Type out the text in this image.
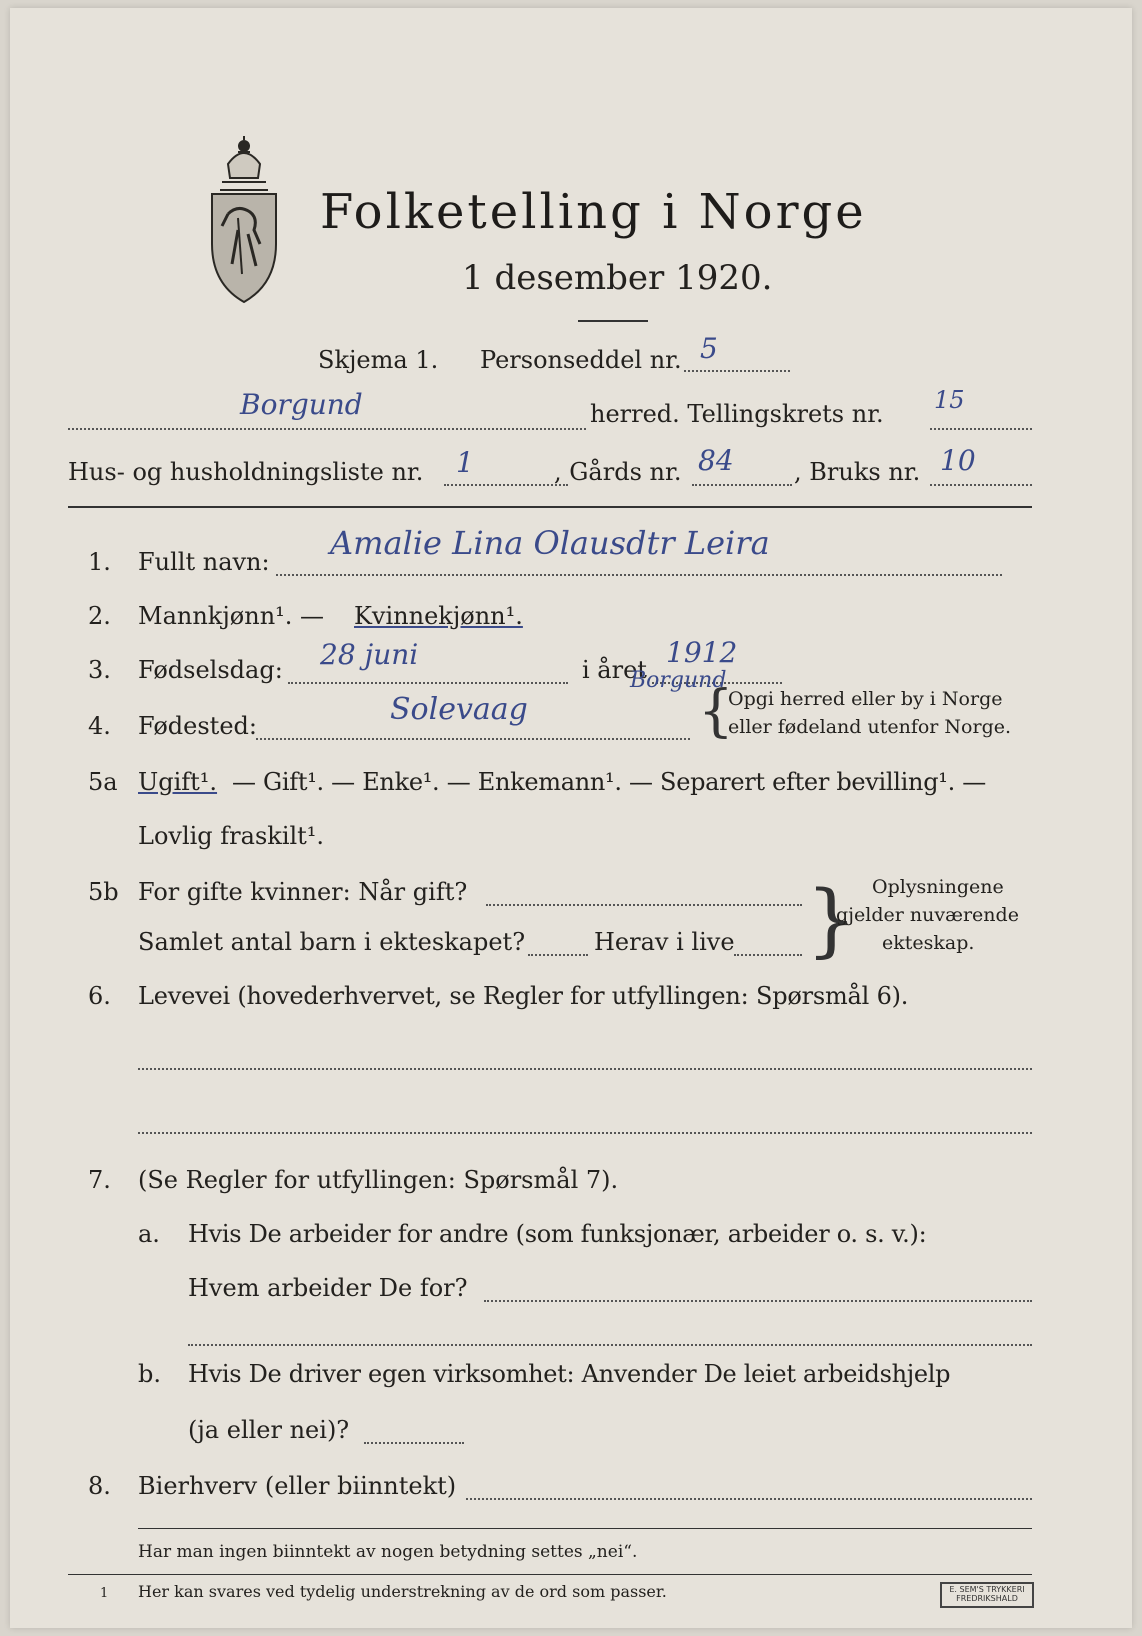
Folketelling i Norge
1 desember 1920.
Skjema 1. Personseddel nr. 5
Borgund	herred. Tellingskrets nr. 15
Hus- og husholdningsliste nr. 1	, Gårds nr. 84	, Bruks nr. 10
1. Fullt navn: Amalie Lina Olausdtr Leira
2. Mannkjønn¹. — Kvinnekjønn¹.
3. Fødselsdag: 28 juni	i året
1912
4. Fødested:	Solevaag
Borgund
{
Opgi herred eller by i Norge
eller fødeland utenfor Norge.
5a Ugift¹. — Gift¹. — Enke¹. — Enkemann¹. — Separert efter bevilling¹. —
Lovlig fraskilt¹.
5b For gifte kvinner: Når gift?
Samlet antal barn i ekteskapet?	Herav i live } Oplysningene
gjelder nuværende
ekteskap.
6. Levevei (hovederhvervet, se Regler for utfyllingen: Spørsmål 6).
7. (Se Regler for utfyllingen: Spørsmål 7).
a. Hvis De arbeider for andre (som funksjonær, arbeider o. s. v.):
Hvem arbeider De for?
b. Hvis De driver egen virksomhet: Anvender De leiet arbeidshjelp
(ja eller nei)?
8. Bierhverv (eller biinntekt)
Har man ingen biinntekt av nogen betydning settes „nei“.
1 Her kan svares ved tydelig understrekning av de ord som passer.	E. SEM'S TRYKKERI
FREDRIKSHALD
